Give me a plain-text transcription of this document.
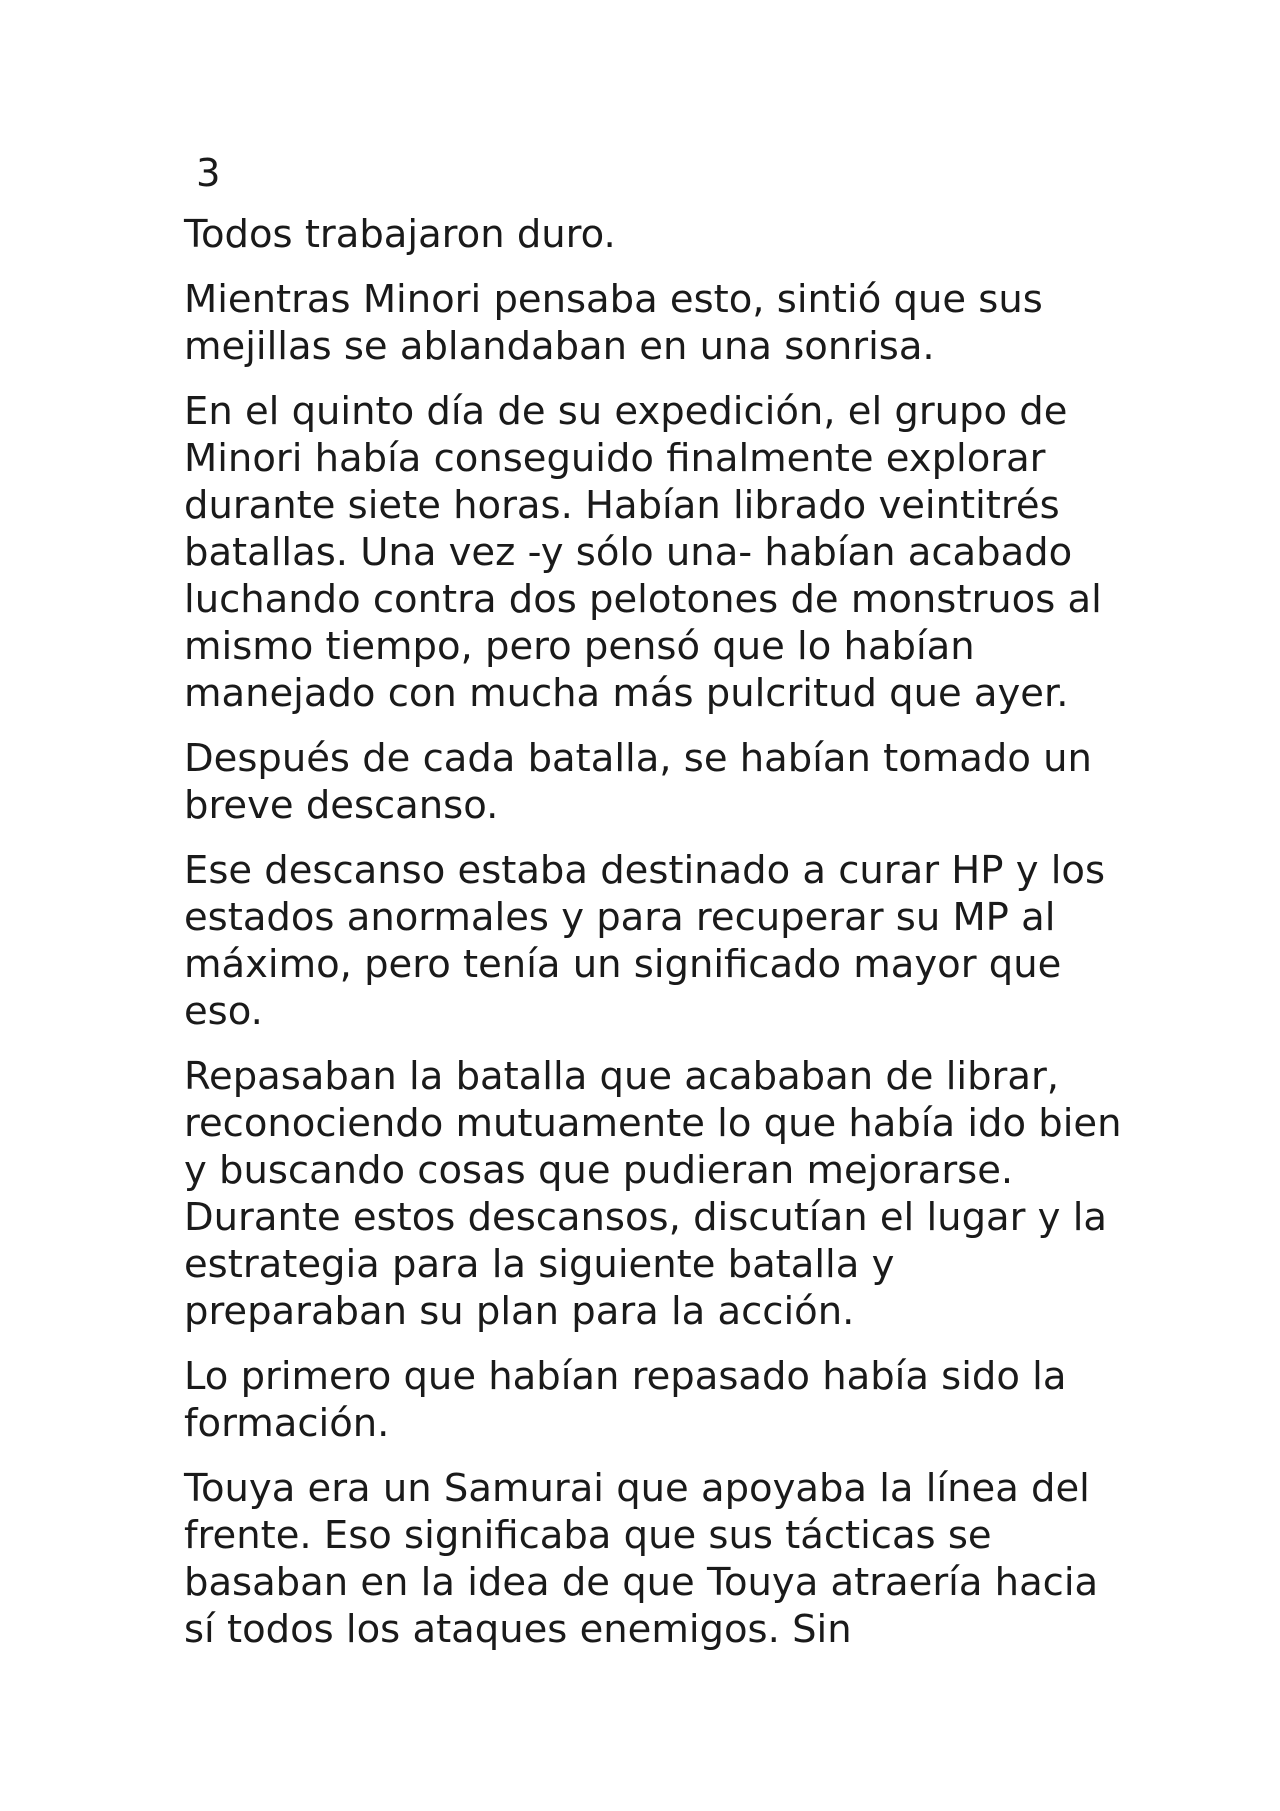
3

Todos trabajaron duro.

Mientras Minori pensaba esto, sintió que sus mejillas se ablandaban en una sonrisa.

En el quinto día de su expedición, el grupo de Minori había conseguido finalmente explorar durante siete horas. Habían librado veintitrés batallas. Una vez -y sólo una- habían acabado luchando contra dos pelotones de monstruos al mismo tiempo, pero pensó que lo habían manejado con mucha más pulcritud que ayer.

Después de cada batalla, se habían tomado un breve descanso.

Ese descanso estaba destinado a curar HP y los estados anormales y para recuperar su MP al máximo, pero tenía un significado mayor que eso.

Repasaban la batalla que acababan de librar, reconociendo mutuamente lo que había ido bien y buscando cosas que pudieran mejorarse. Durante estos descansos, discutían el lugar y la estrategia para la siguiente batalla y preparaban su plan para la acción.

Lo primero que habían repasado había sido la formación.

Touya era un Samurai que apoyaba la línea del frente. Eso significaba que sus tácticas se basaban en la idea de que Touya atraería hacia sí todos los ataques enemigos. Sin
